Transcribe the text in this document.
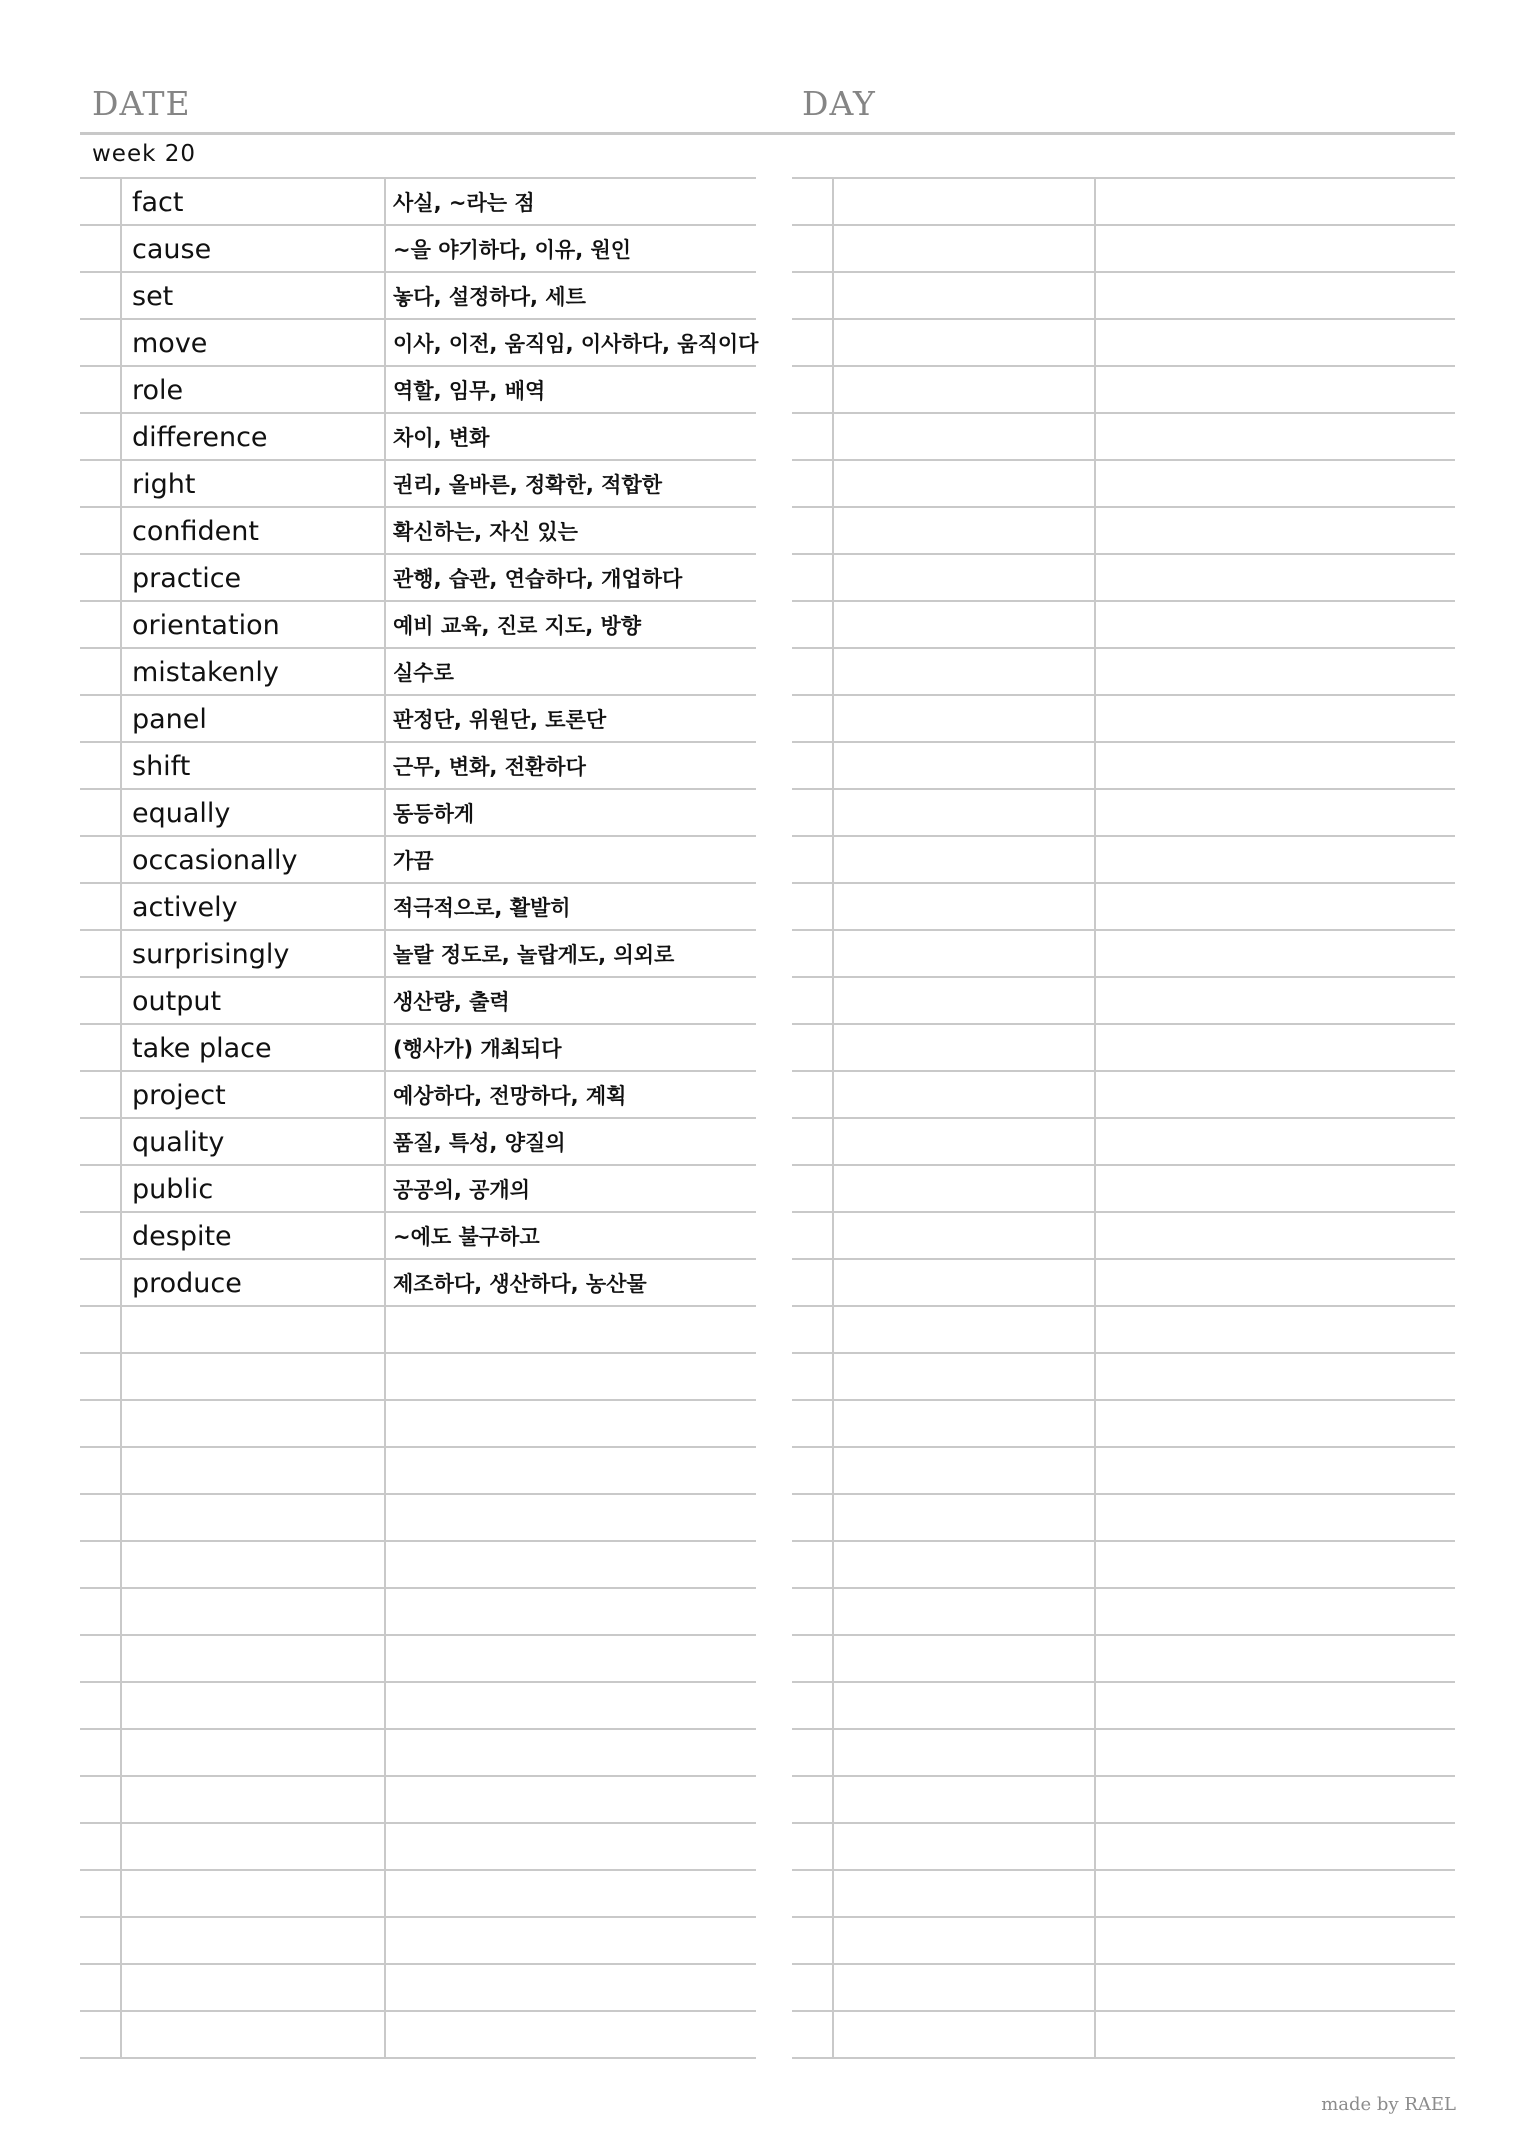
DATE	DAY
week 20
fact	사실, ~라는 점
cause	~을 야기하다, 이유, 원인
set	놓다, 설정하다, 세트
move	이사, 이전, 움직임, 이사하다, 움직이다
role	역할, 임무, 배역
difference	차이, 변화
right	권리, 올바른, 정확한, 적합한
confident	확신하는, 자신 있는
practice	관행, 습관, 연습하다, 개업하다
orientation	예비 교육, 진로 지도, 방향
mistakenly	실수로
panel	판정단, 위원단, 토론단
shift	근무, 변화, 전환하다
equally	동등하게
occasionally	가끔
actively	적극적으로, 활발히
surprisingly	놀랄 정도로, 놀랍게도, 의외로
output	생산량, 출력
take place	(행사가) 개최되다
project	예상하다, 전망하다, 계획
quality	품질, 특성, 양질의
public	공공의, 공개의
despite	~에도 불구하고
produce	제조하다, 생산하다, 농산물
made by RAEL
